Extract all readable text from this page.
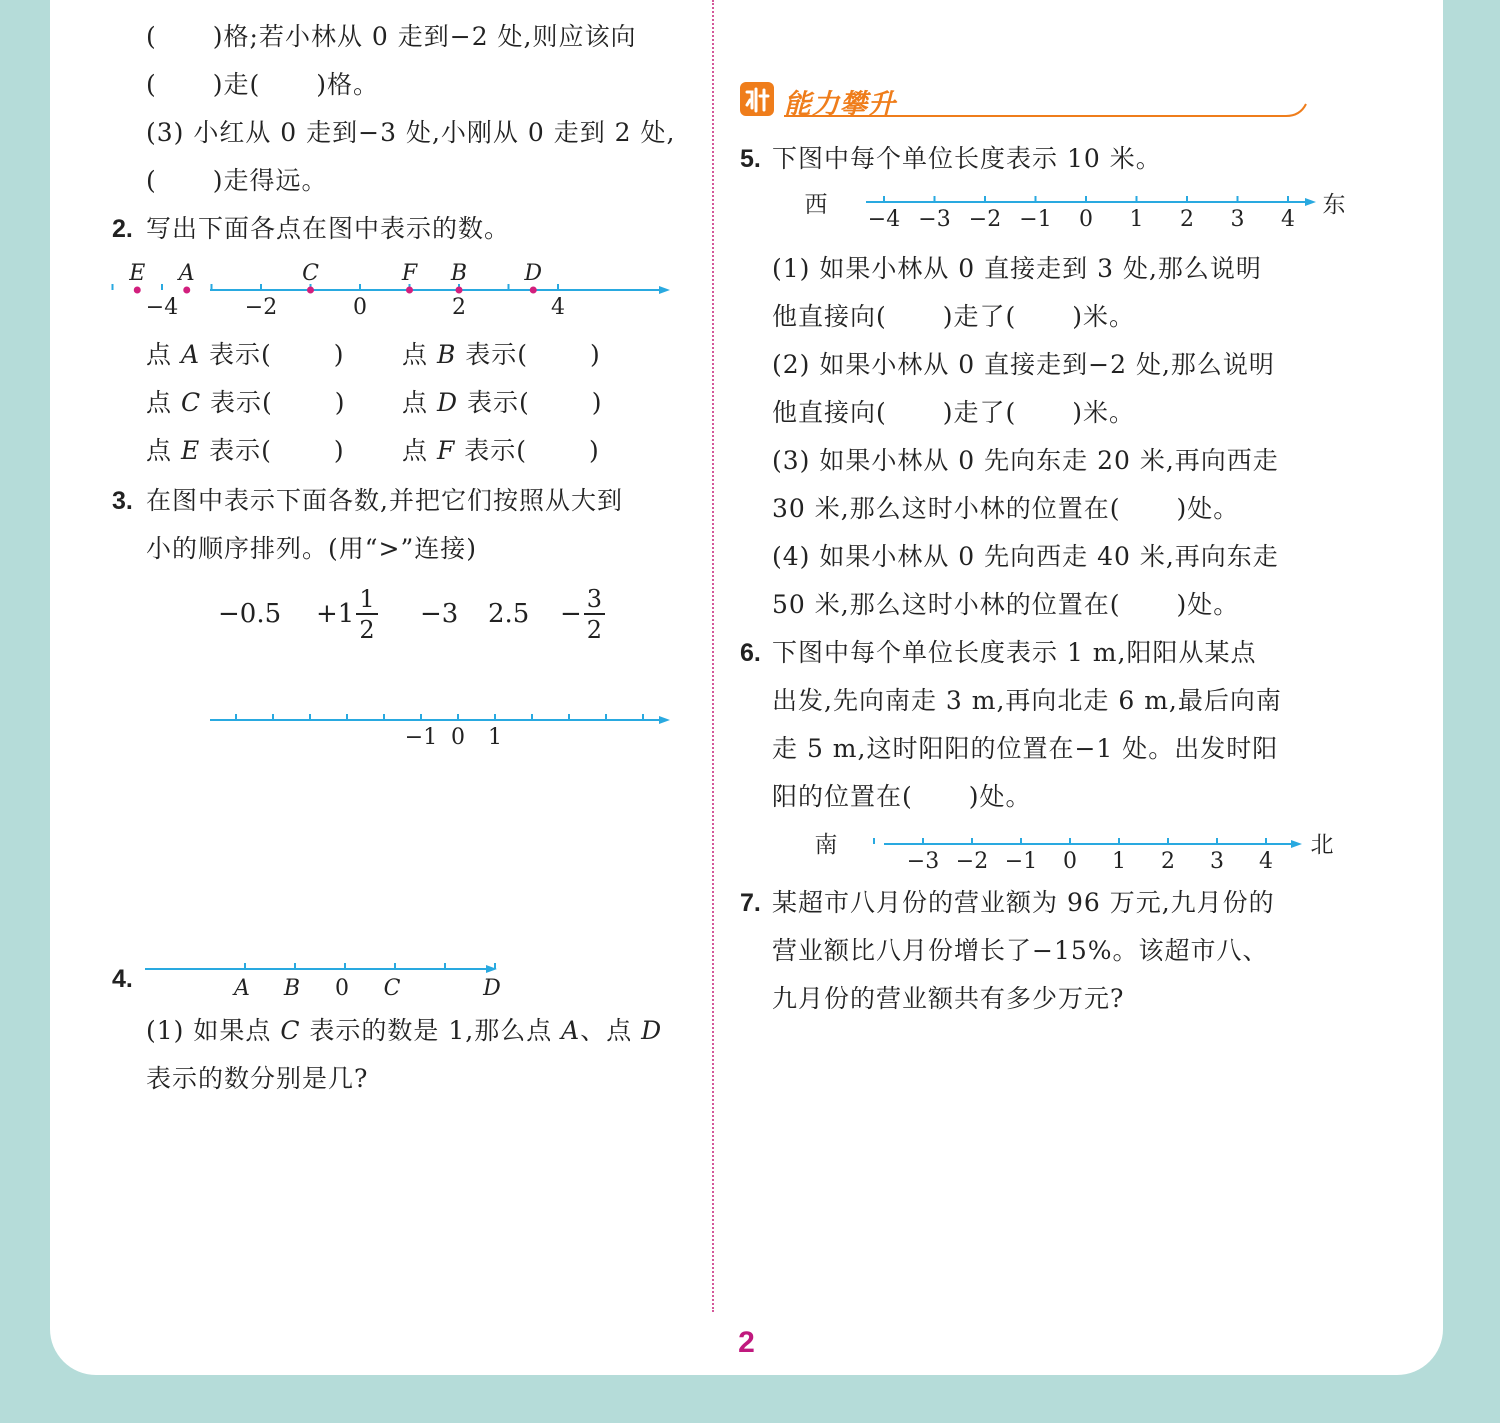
( )格;若小林从 0 走到−2 处,则应该向
( )走( )格。
(3) 小红从 0 走到−3 处,小刚从 0 走到 2 处,
( )走得远。
2. 写出下面各点在图中表示的数。
−4	−2	0	2	4
E A	C	F B	D
点 A 表示( ) 点 B 表示( )
点 C 表示( ) 点 D 表示( )
点 E 表示( ) 点 F 表示( )
3. 在图中表示下面各数,并把它们按照从大到
小的顺序排列。(用“>”连接)
$-0.5 +1 \frac{1}{2} -3$ $2.5 - \frac{3}{2}$
−1 0 1
4.	A B 0 C	D
(1) 如果点 C 表示的数是 1,那么点 A、点 D
表示的数分别是几?
能力攀升
5. 下图中每个单位长度表示 10 米。
西	东
−4 −3 −2 −1 0 1 2 3 4
(1) 如果小林从 0 直接走到 3 处,那么说明
他直接向( )走了( )米。
(2) 如果小林从 0 直接走到−2 处,那么说明
他直接向( )走了( )米。
(3) 如果小林从 0 先向东走 20 米,再向西走
30 米,那么这时小林的位置在( )处。
(4) 如果小林从 0 先向西走 40 米,再向东走
50 米,那么这时小林的位置在( )处。
6. 下图中每个单位长度表示 1 m,阳阳从某点
出发,先向南走 3 m,再向北走 6 m,最后向南
走 5 m,这时阳阳的位置在−1 处。出发时阳
阳的位置在( )处。
南	北
−3 −2 −1 0 1 2 3 4
7. 某超市八月份的营业额为 96 万元,九月份的
营业额比八月份增长了−15%。该超市八、
九月份的营业额共有多少万元?
2
